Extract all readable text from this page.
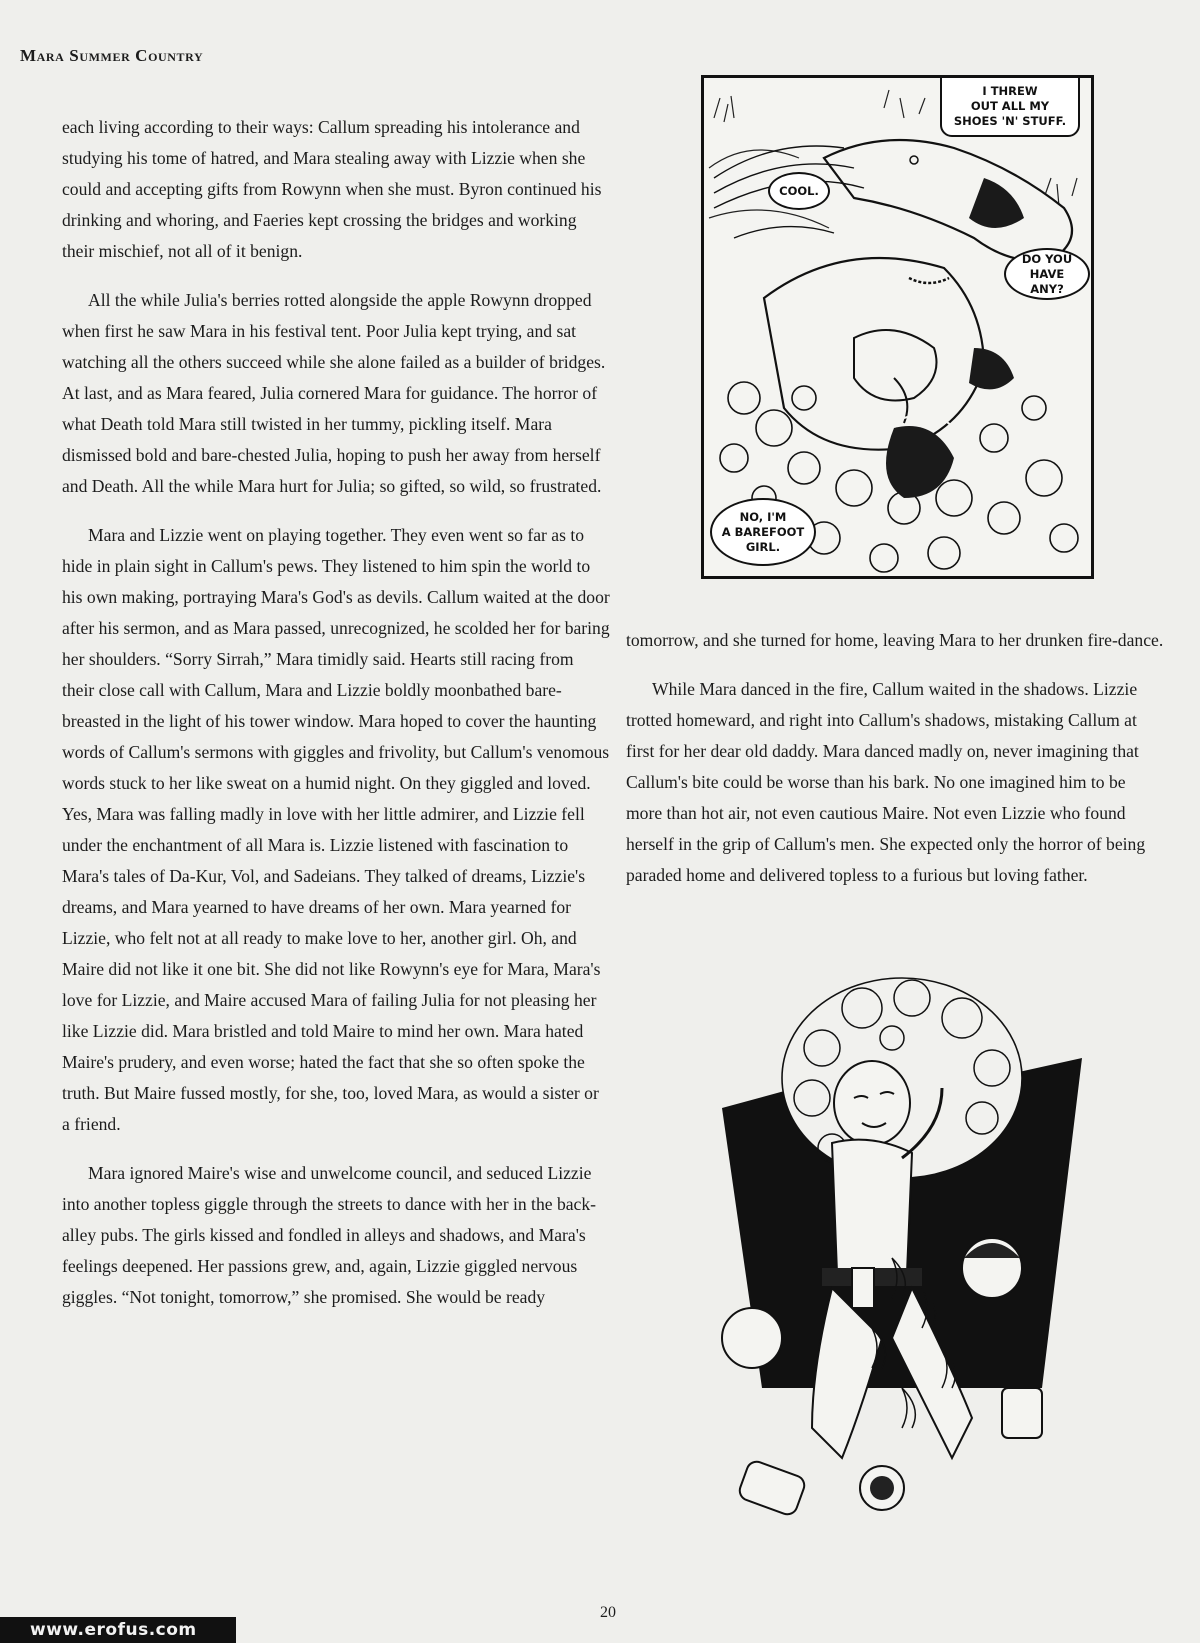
Mara Summer Country

each living according to their ways: Callum spreading his intolerance and studying his tome of hatred, and Mara stealing away with Lizzie when she could and accepting gifts from Rowynn when she must. Byron continued his drinking and whoring, and Faeries kept crossing the bridges and working their mischief, not all of it benign.

All the while Julia's berries rotted alongside the apple Rowynn dropped when first he saw Mara in his festival tent. Poor Julia kept trying, and sat watching all the others succeed while she alone failed as a builder of bridges. At last, and as Mara feared, Julia cornered Mara for guidance. The horror of what Death told Mara still twisted in her tummy, pickling itself. Mara dismissed bold and bare-chested Julia, hoping to push her away from herself and Death. All the while Mara hurt for Julia; so gifted, so wild, so frustrated.

Mara and Lizzie went on playing together. They even went so far as to hide in plain sight in Callum's pews. They listened to him spin the world to his own making, portraying Mara's God's as devils. Callum waited at the door after his sermon, and as Mara passed, unrecognized, he scolded her for baring her shoulders. “Sorry Sirrah,” Mara timidly said. Hearts still racing from their close call with Callum, Mara and Lizzie boldly moonbathed bare-breasted in the light of his tower window. Mara hoped to cover the haunting words of Callum's sermons with giggles and frivolity, but Callum's venomous words stuck to her like sweat on a humid night. On they giggled and loved. Yes, Mara was falling madly in love with her little admirer, and Lizzie fell under the enchantment of all Mara is. Lizzie listened with fascination to Mara's tales of Da-Kur, Vol, and Sadeians. They talked of dreams, Lizzie's dreams, and Mara yearned to have dreams of her own. Mara yearned for Lizzie, who felt not at all ready to make love to her, another girl. Oh, and Maire did not like it one bit. She did not like Rowynn's eye for Mara, Mara's love for Lizzie, and Maire accused Mara of failing Julia for not pleasing her like Lizzie did. Mara bristled and told Maire to mind her own. Mara hated Maire's prudery, and even worse; hated the fact that she so often spoke the truth. But Maire fussed mostly, for she, too, loved Mara, as would a sister or a friend.

Mara ignored Maire's wise and unwelcome council, and seduced Lizzie into another topless giggle through the streets to dance with her in the back-alley pubs. The girls kissed and fondled in alleys and shadows, and Mara's feelings deepened. Her passions grew, and, again, Lizzie giggled nervous giggles. “Not tonight, tomorrow,” she promised. She would be ready

I THREW
OUT ALL MY
SHOES 'N' STUFF.
COOL.
DO YOU
HAVE ANY?
NO, I'M
A BAREFOOT
GIRL.

tomorrow, and she turned for home, leaving Mara to her drunken fire-dance.

While Mara danced in the fire, Callum waited in the shadows. Lizzie trotted homeward, and right into Callum's shadows, mistaking Callum at first for her dear old daddy. Mara danced madly on, never imagining that Callum's bite could be worse than his bark. No one imagined him to be more than hot air, not even cautious Maire. Not even Lizzie who found herself in the grip of Callum's men. She expected only the horror of being paraded home and delivered topless to a furious but loving father.

20
www.erofus.com
